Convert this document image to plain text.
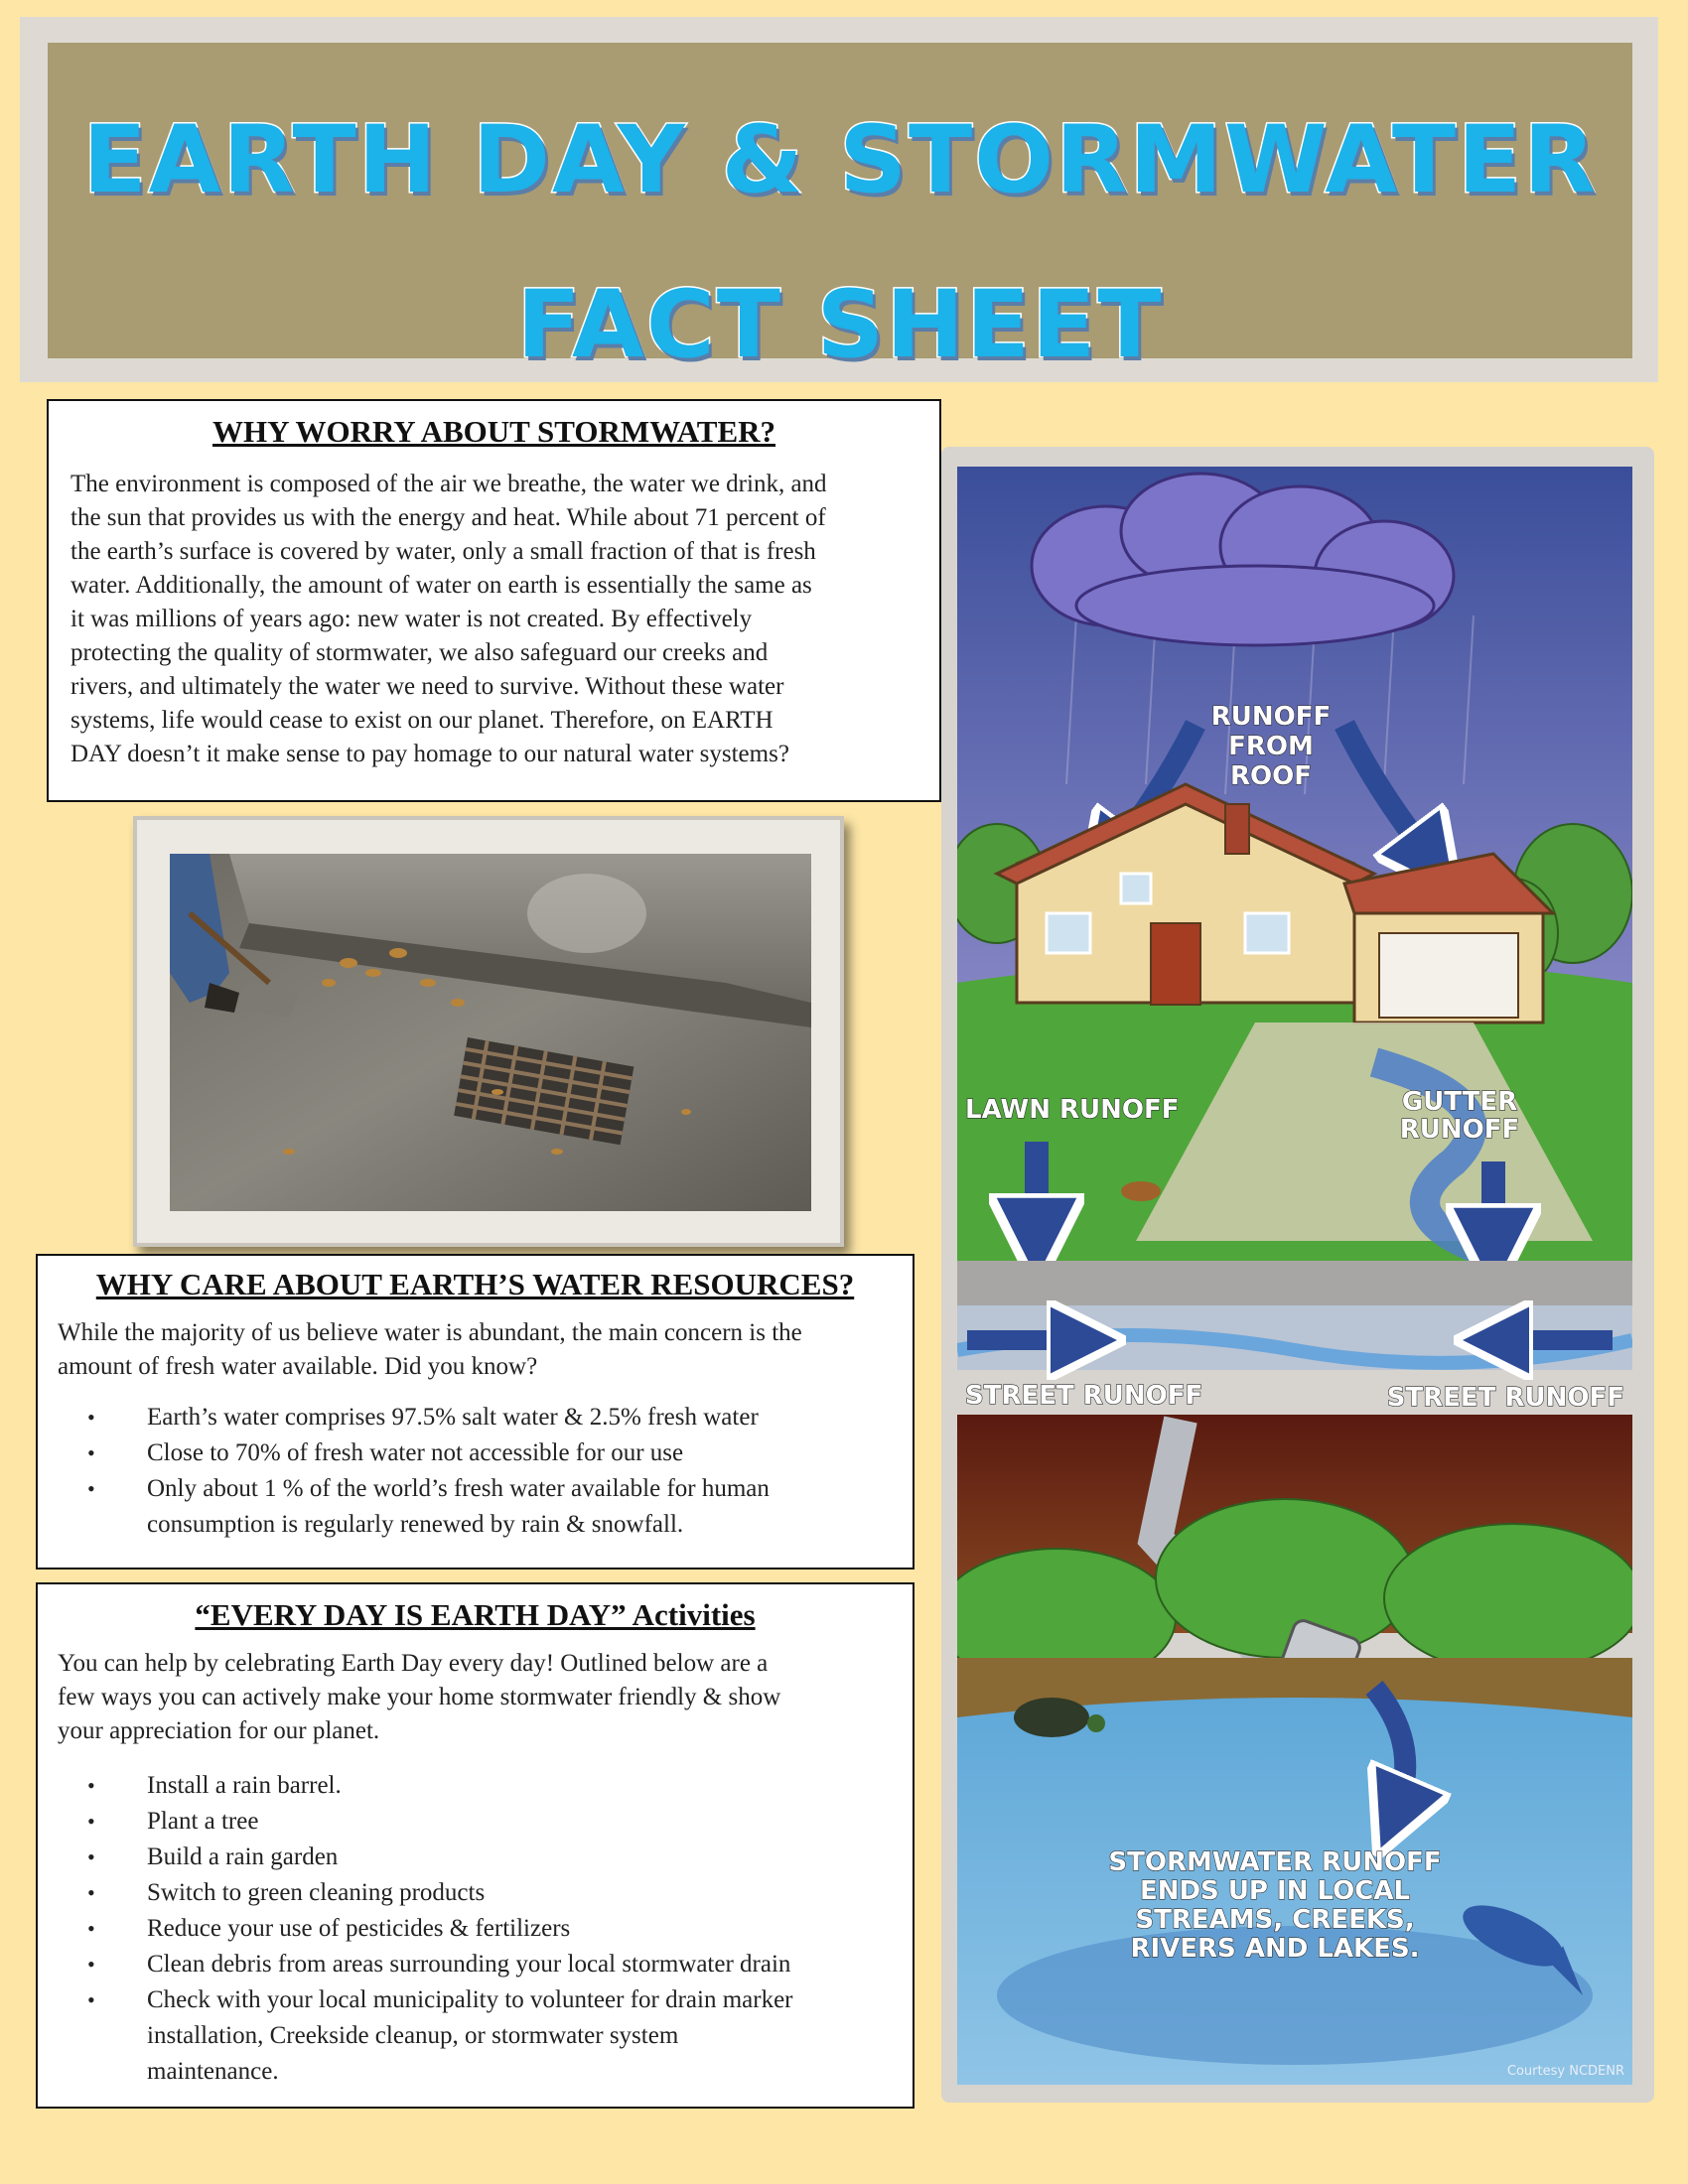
EARTH DAY & STORMWATER
FACT SHEET
WHY WORRY ABOUT STORMWATER?
The environment is composed of the air we breathe, the water we drink, and
the sun that provides us with the energy and heat. While about 71 percent of
the earth’s surface is covered by water, only a small fraction of that is fresh
water. Additionally, the amount of water on earth is essentially the same as
it was millions of years ago: new water is not created. By effectively
protecting the quality of stormwater, we also safeguard our creeks and
rivers, and ultimately the water we need to survive. Without these water
systems, life would cease to exist on our planet. Therefore, on EARTH
DAY doesn’t it make sense to pay homage to our natural water systems?
WHY CARE ABOUT EARTH’S WATER RESOURCES?
While the majority of us believe water is abundant, the main concern is the
amount of fresh water available. Did you know?
• Earth’s water comprises 97.5% salt water & 2.5% fresh water
• Close to 70% of fresh water not accessible for our use
• Only about 1 % of the world’s fresh water available for human
consumption is regularly renewed by rain & snowfall.
“EVERY DAY IS EARTH DAY” Activities
You can help by celebrating Earth Day every day! Outlined below are a
few ways you can actively make your home stormwater friendly & show
your appreciation for our planet.
• Install a rain barrel.
• Plant a tree
• Build a rain garden
• Switch to green cleaning products
• Reduce your use of pesticides & fertilizers
• Clean debris from areas surrounding your local stormwater drain
• Check with your local municipality to volunteer for drain marker
installation, Creekside cleanup, or stormwater system
maintenance.
RUNOFF
FROM
ROOF
LAWN RUNOFF	GUTTER
RUNOFF
STREET RUNOFF	STREET RUNOFF
STORMWATER RUNOFF
ENDS UP IN LOCAL
STREAMS, CREEKS,
RIVERS AND LAKES.
Courtesy NCDENR
